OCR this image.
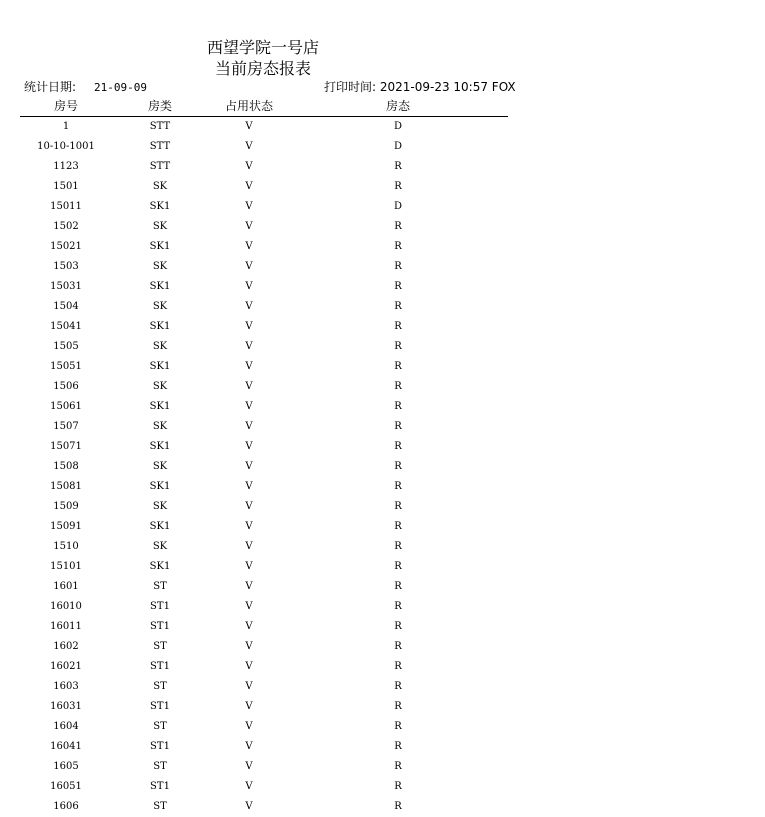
西望学院一号店
当前房态报表
统计日期: 21-09-09	打印时间: 2021-09-23 10:57 FOX
房号	房类	占用状态	房态
1	STT	V	D
10-10-1001	STT	V	D
1123	STT	V	R
1501	SK	V	R
15011	SK1	V	D
1502	SK	V	R
15021	SK1	V	R
1503	SK	V	R
15031	SK1	V	R
1504	SK	V	R
15041	SK1	V	R
1505	SK	V	R
15051	SK1	V	R
1506	SK	V	R
15061	SK1	V	R
1507	SK	V	R
15071	SK1	V	R
1508	SK	V	R
15081	SK1	V	R
1509	SK	V	R
15091	SK1	V	R
1510	SK	V	R
15101	SK1	V	R
1601	ST	V	R
16010	ST1	V	R
16011	ST1	V	R
1602	ST	V	R
16021	ST1	V	R
1603	ST	V	R
16031	ST1	V	R
1604	ST	V	R
16041	ST1	V	R
1605	ST	V	R
16051	ST1	V	R
1606	ST	V	R
